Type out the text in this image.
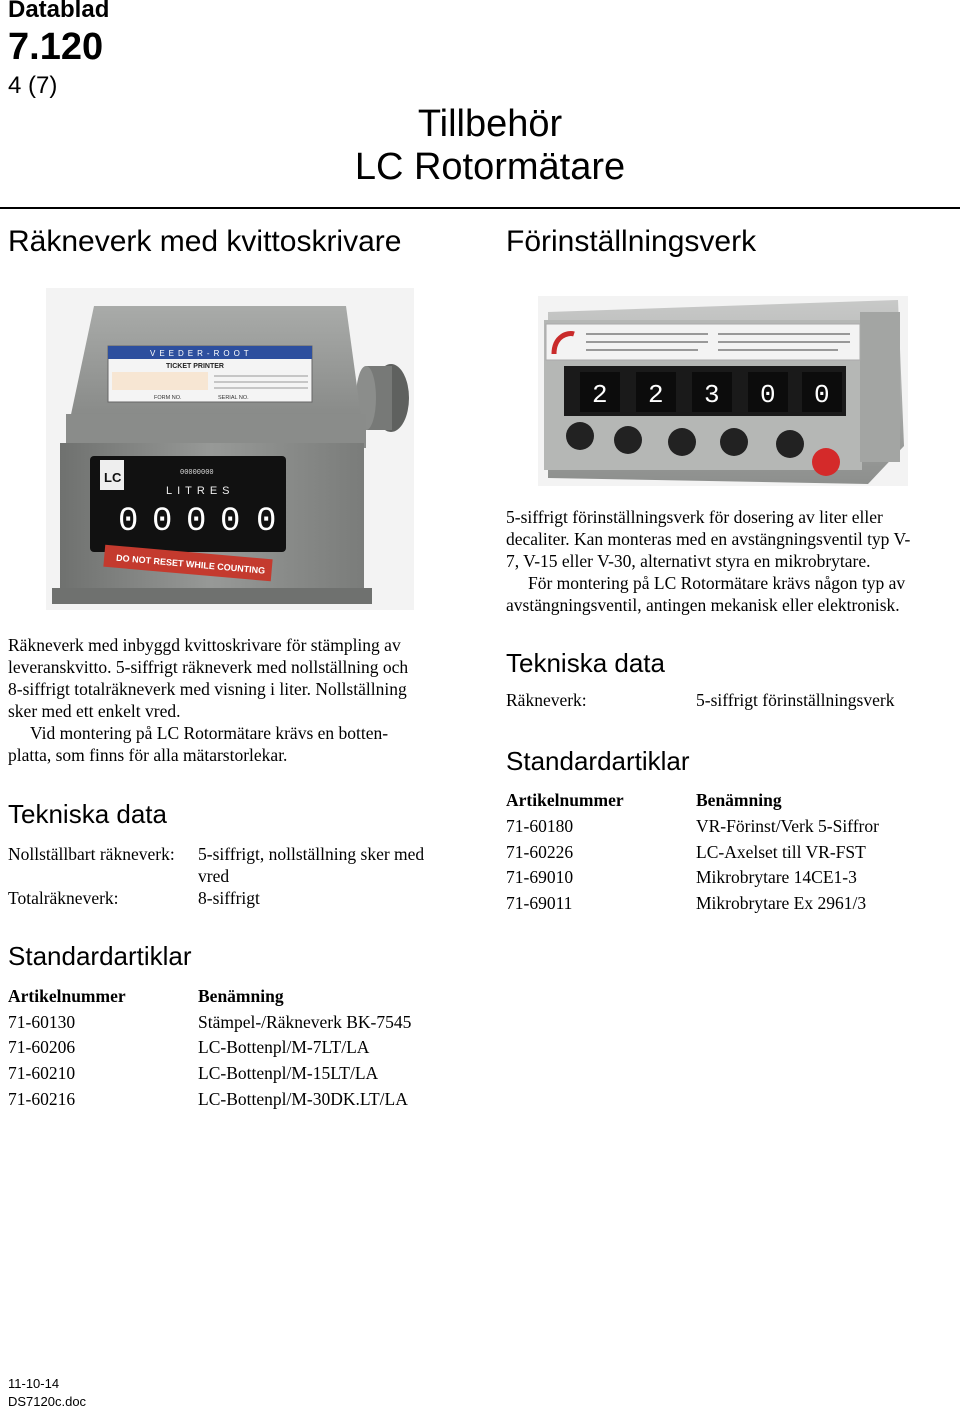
Datablad
7.120
4 (7)
Tillbehör
LC Rotormätare
Räkneverk med kvittoskrivare	Förinställningsverk
VEEDER-ROOT
TICKET PRINTER
FORM NO.	SERIAL NO.
LC	00000000
LITRES
0 0 0 0 0
DO NOT RESET WHILE COUNTING
2 2 3 0 0
5-siffrigt förinställningsverk för dosering av liter eller
decaliter. Kan monteras med en avstängningsventil typ V-
7, V-15 eller V-30, alternativt styra en mikrobrytare.
För montering på LC Rotormätare krävs någon typ av
avstängningsventil, antingen mekanisk eller elektronisk.
Räkneverk med inbyggd kvittoskrivare för stämpling av
leveranskvitto. 5-siffrigt räkneverk med nollställning och
8-siffrigt totalräkneverk med visning i liter. Nollställning
sker med ett enkelt vred.
Vid montering på LC Rotormätare krävs en botten-
platta, som finns för alla mätarstorlekar.
Tekniska data
Räkneverk:	5-siffrigt förinställningsverk
Standardartiklar
Artikelnummer	Benämning
71-60180	VR-Förinst/Verk 5-Siffror
71-60226	LC-Axelset till VR-FST
71-69010	Mikrobrytare 14CE1-3
71-69011	Mikrobrytare Ex 2961/3
Tekniska data
Nollställbart räkneverk: 5-siffrigt, nollställning sker med
vred
Totalräkneverk:	8-siffrigt
Standardartiklar
Artikelnummer	Benämning
71-60130	Stämpel-/Räkneverk BK-7545
71-60206	LC-Bottenpl/M-7LT/LA
71-60210	LC-Bottenpl/M-15LT/LA
71-60216	LC-Bottenpl/M-30DK.LT/LA
11-10-14
DS7120c.doc
